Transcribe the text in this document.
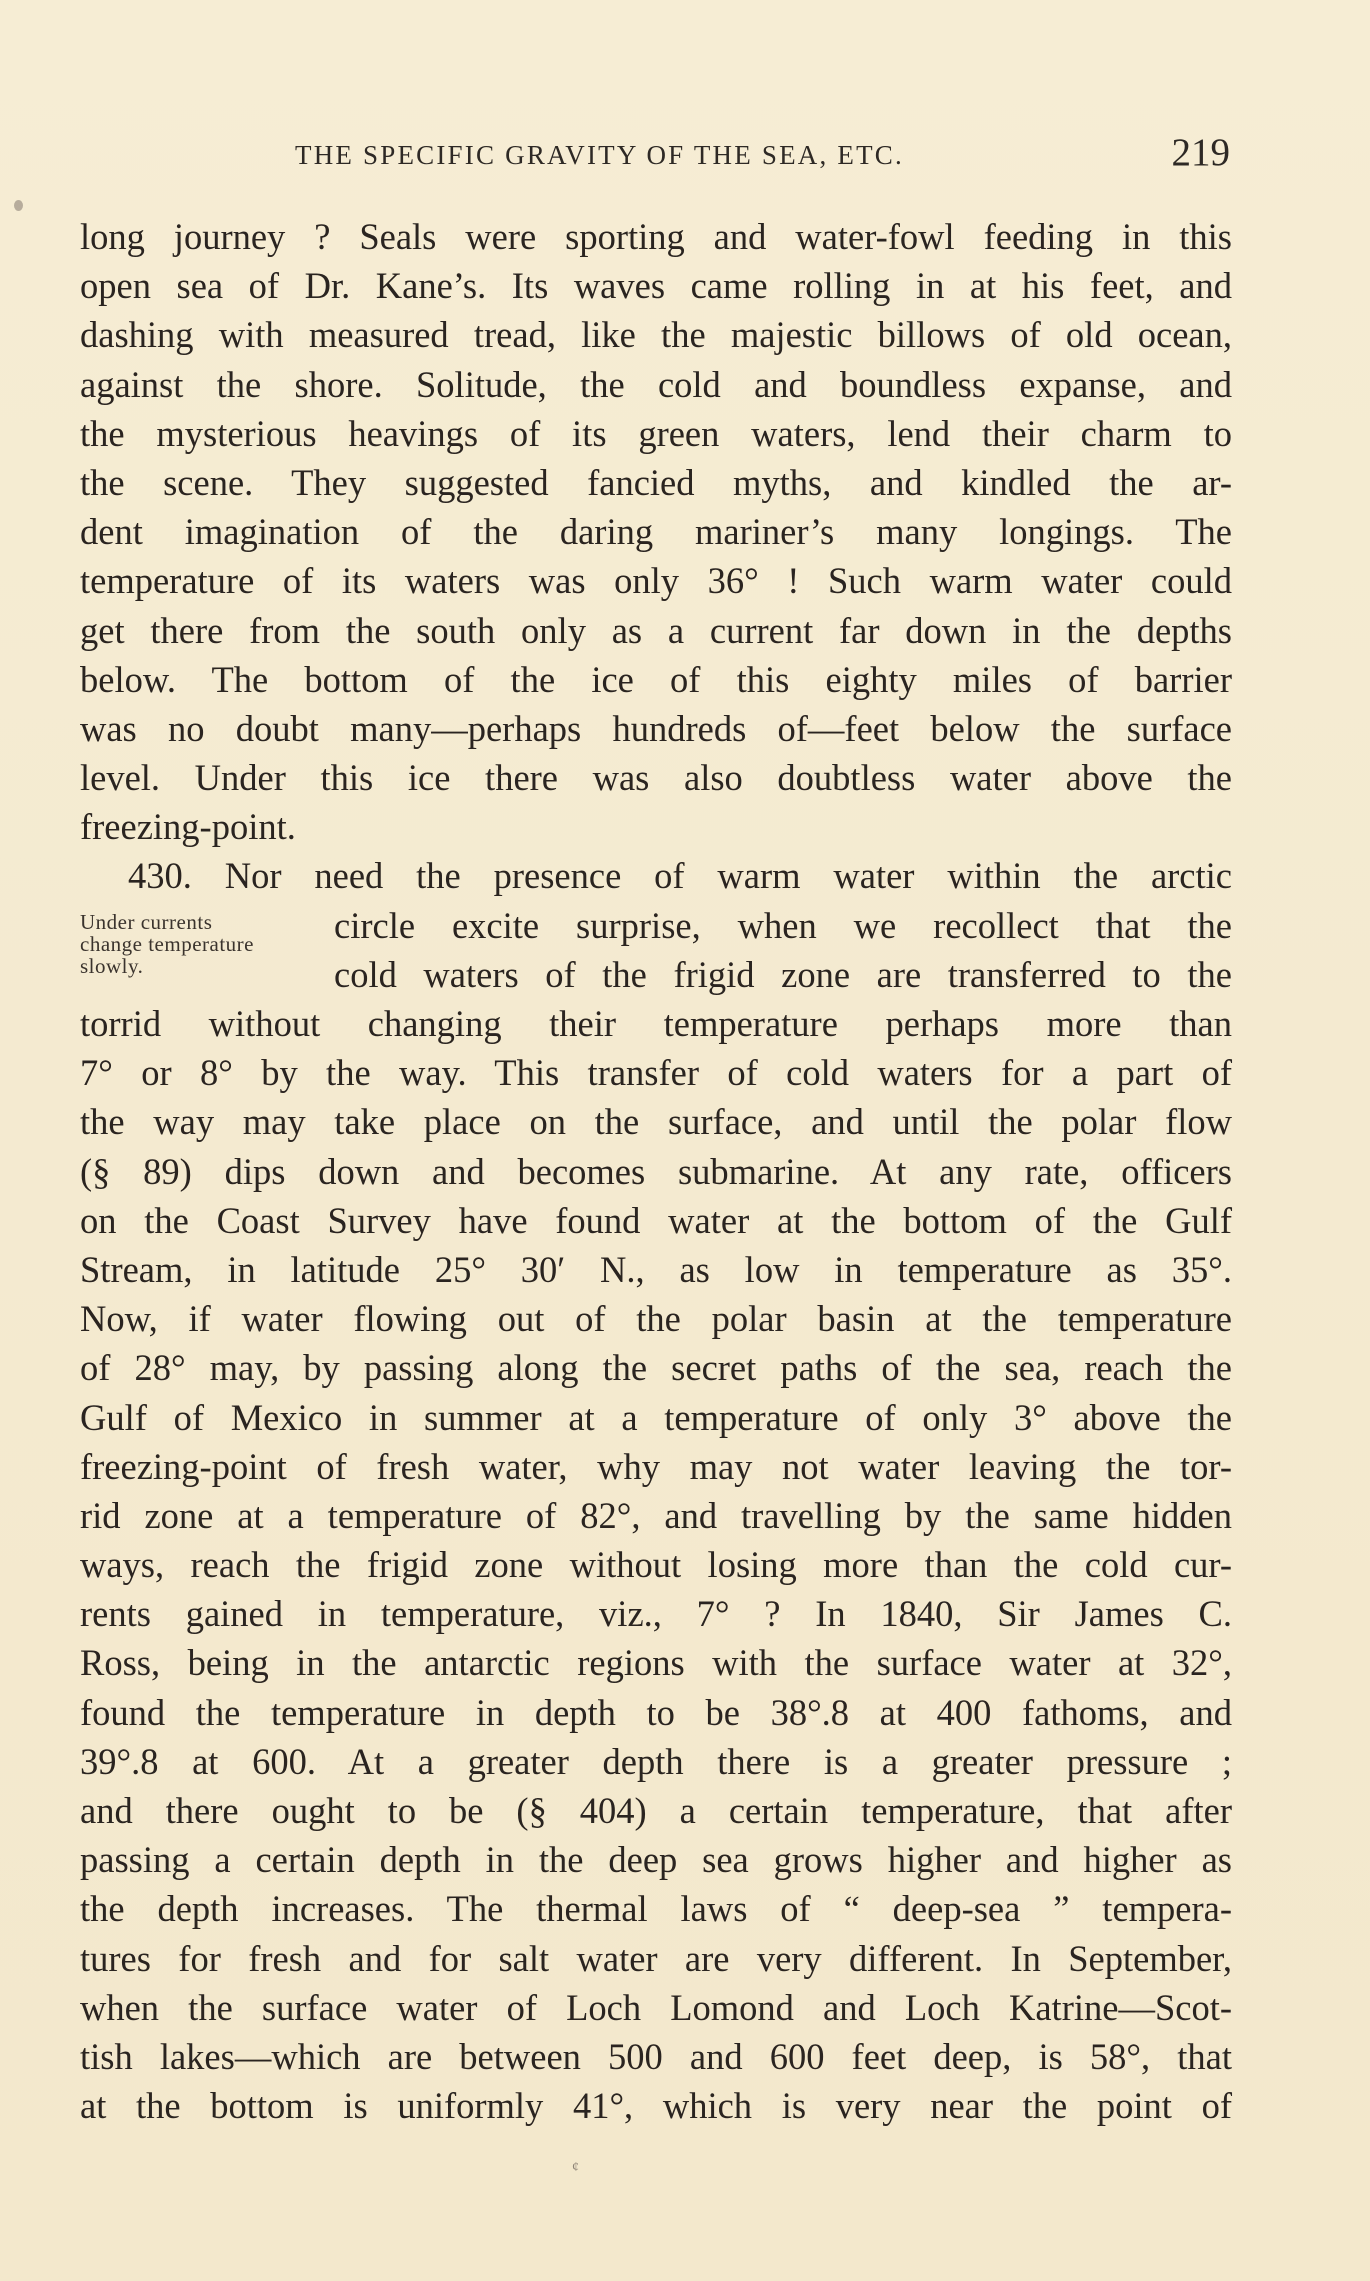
THE SPECIFIC GRAVITY OF THE SEA, ETC.	219
long journey ? Seals were sporting and water-fowl feeding in this
open sea of Dr. Kane’s. Its waves came rolling in at his feet, and
dashing with measured tread, like the majestic billows of old ocean,
against the shore. Solitude, the cold and boundless expanse, and
the mysterious heavings of its green waters, lend their charm to
the scene. They suggested fancied myths, and kindled the ar-
dent imagination of the daring mariner’s many longings. The
temperature of its waters was only 36° ! Such warm water could
get there from the south only as a current far down in the depths
below. The bottom of the ice of this eighty miles of barrier
was no doubt many—perhaps hundreds of—feet below the surface
level. Under this ice there was also doubtless water above the
freezing-point.
430. Nor need the presence of warm water within the arctic
Under currents
change temperature
slowly.
circle excite surprise, when we recollect that the
cold waters of the frigid zone are transferred to the
torrid without changing their temperature perhaps more than
7° or 8° by the way. This transfer of cold waters for a part of
the way may take place on the surface, and until the polar flow
(§ 89) dips down and becomes submarine. At any rate, officers
on the Coast Survey have found water at the bottom of the Gulf
Stream, in latitude 25° 30′ N., as low in temperature as 35°.
Now, if water flowing out of the polar basin at the temperature
of 28° may, by passing along the secret paths of the sea, reach the
Gulf of Mexico in summer at a temperature of only 3° above the
freezing-point of fresh water, why may not water leaving the tor-
rid zone at a temperature of 82°, and travelling by the same hidden
ways, reach the frigid zone without losing more than the cold cur-
rents gained in temperature, viz., 7° ? In 1840, Sir James C.
Ross, being in the antarctic regions with the surface water at 32°,
found the temperature in depth to be 38°.8 at 400 fathoms, and
39°.8 at 600. At a greater depth there is a greater pressure ;
and there ought to be (§ 404) a certain temperature, that after
passing a certain depth in the deep sea grows higher and higher as
the depth increases. The thermal laws of “ deep-sea ” tempera-
tures for fresh and for salt water are very different. In September,
when the surface water of Loch Lomond and Loch Katrine—Scot-
tish lakes—which are between 500 and 600 feet deep, is 58°, that
at the bottom is uniformly 41°, which is very near the point of
¢
